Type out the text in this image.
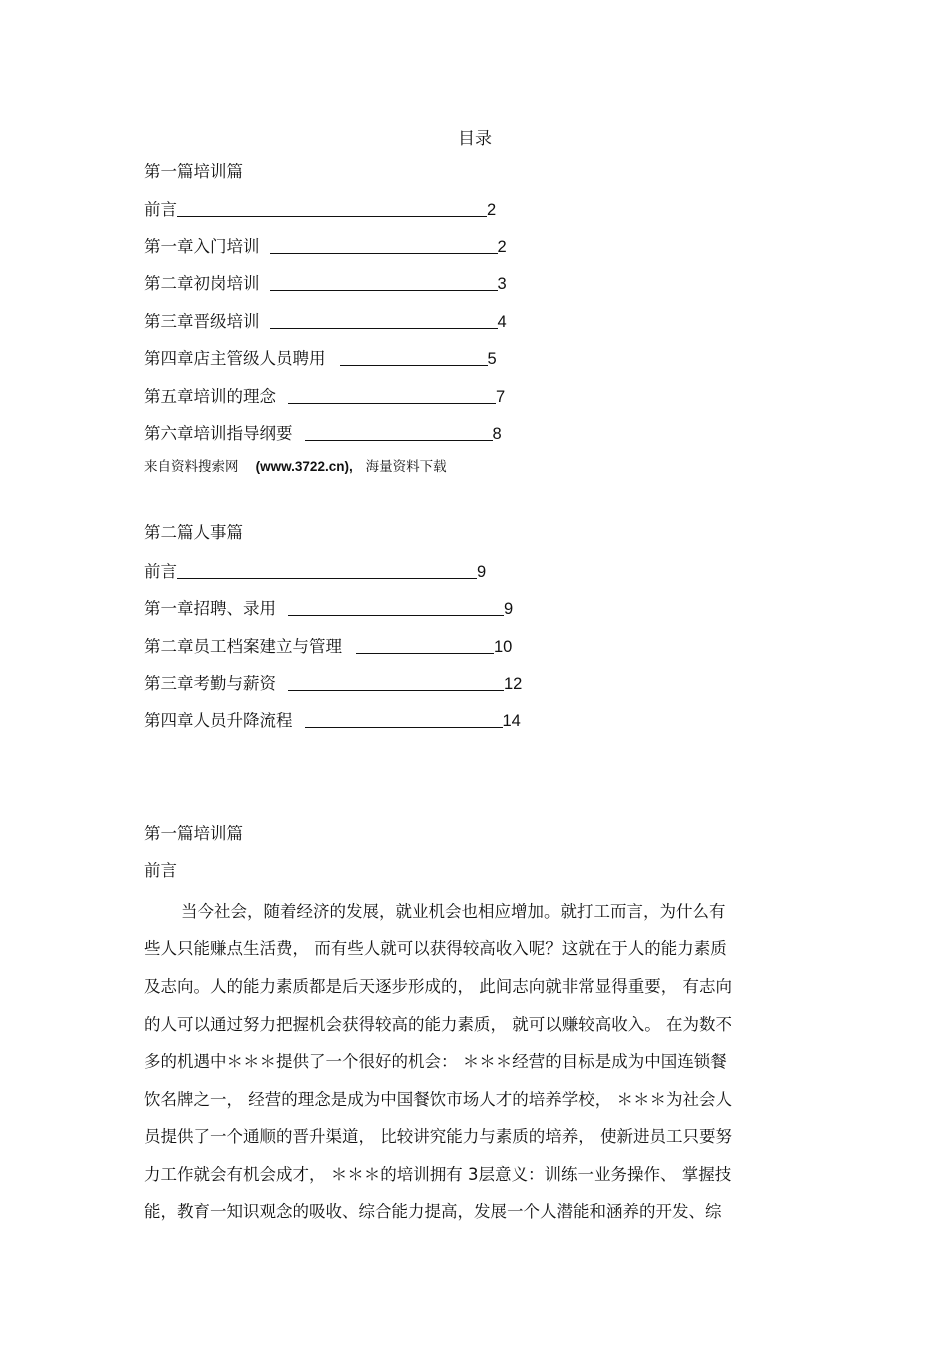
目录
第一篇培训篇
前言	2
第一章入门培训	2
第二章初岗培训	3
第三章晋级培训	4
第四章店主管级人员聘用	5
第五章培训的理念	7
第六章培训指导纲要	8
来自资料搜索网 (www.3722.cn), 海量资料下载
第二篇人事篇
前言	9
第一章招聘、录用	9
第二章员工档案建立与管理	10
第三章考勤与薪资	12
第四章人员升降流程	14
第一篇培训篇
前言
当今社会，随着经济的发展，就业机会也相应增加。就打工而言，为什么有
些人只能赚点生活费， 而有些人就可以获得较高收入呢？这就在于人的能力素质
及志向。人的能力素质都是后天逐步形成的， 此间志向就非常显得重要， 有志向
的人可以通过努力把握机会获得较高的能力素质， 就可以赚较高收入。 在为数不
多的机遇中＊＊＊提供了一个很好的机会： ＊＊＊经营的目标是成为中国连锁餐
饮名牌之一， 经营的理念是成为中国餐饮市场人才的培养学校， ＊＊＊为社会人
员提供了一个通顺的晋升渠道， 比较讲究能力与素质的培养， 使新进员工只要努
力工作就会有机会成才， ＊＊＊的培训拥有 3层意义：训练一业务操作、 掌握技
能，教育一知识观念的吸收、综合能力提高，发展一个人潜能和涵养的开发、综
